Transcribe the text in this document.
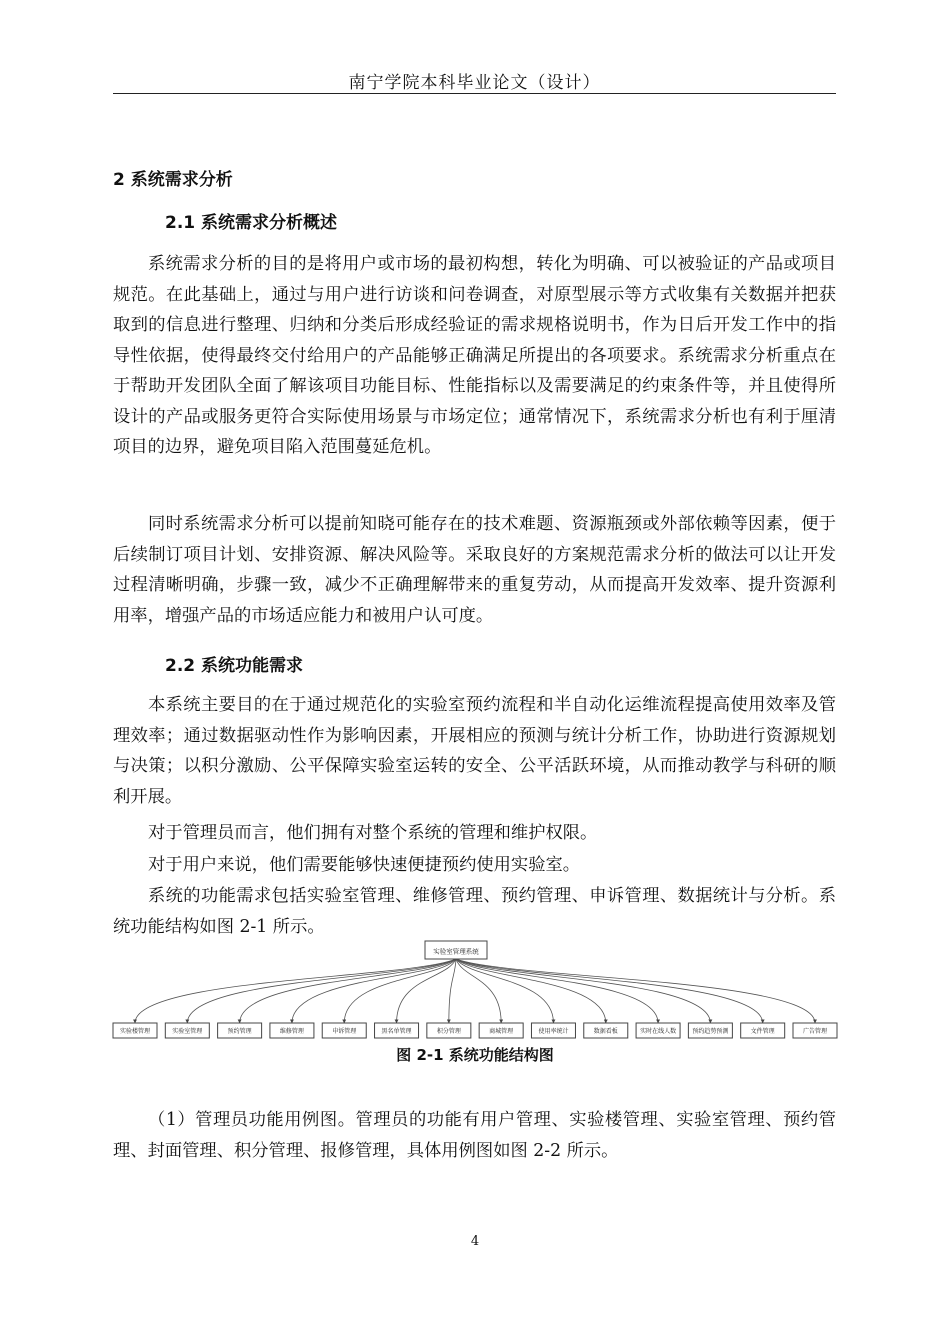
南宁学院本科毕业论文（设计）
2 系统需求分析
2.1 系统需求分析概述

系统需求分析的目的是将用户或市场的最初构想，转化为明确、可以被验证的产品或项目规范。在此基础上，通过与用户进行访谈和问卷调查，对原型展示等方式收集有关数据并把获取到的信息进行整理、归纳和分类后形成经验证的需求规格说明书，作为日后开发工作中的指导性依据，使得最终交付给用户的产品能够正确满足所提出的各项要求。系统需求分析重点在于帮助开发团队全面了解该项目功能目标、性能指标以及需要满足的约束条件等，并且使得所设计的产品或服务更符合实际使用场景与市场定位；通常情况下，系统需求分析也有利于厘清项目的边界，避免项目陷入范围蔓延危机。

同时系统需求分析可以提前知晓可能存在的技术难题、资源瓶颈或外部依赖等因素，便于后续制订项目计划、安排资源、解决风险等。采取良好的方案规范需求分析的做法可以让开发过程清晰明确，步骤一致，减少不正确理解带来的重复劳动，从而提高开发效率、提升资源利用率，增强产品的市场适应能力和被用户认可度。

2.2 系统功能需求

本系统主要目的在于通过规范化的实验室预约流程和半自动化运维流程提高使用效率及管理效率；通过数据驱动性作为影响因素，开展相应的预测与统计分析工作，协助进行资源规划与决策；以积分激励、公平保障实验室运转的安全、公平活跃环境，从而推动教学与科研的顺利开展。

对于管理员而言，他们拥有对整个系统的管理和维护权限。

对于用户来说，他们需要能够快速便捷预约使用实验室。

系统的功能需求包括实验室管理、维修管理、预约管理、申诉管理、数据统计与分析。系统功能结构如图 2-1 所示。

实验室管理系统
实验楼管理	实验室管理	预约管理	维修管理	申诉管理	黑名单管理	积分管理	商城管理	使用率统计	数据看板	实时在线人数	预约趋势预测	文件管理	广告管理
图 2-1 系统功能结构图

（1）管理员功能用例图。管理员的功能有用户管理、实验楼管理、实验室管理、预约管理、封面管理、积分管理、报修管理，具体用例图如图 2-2 所示。

4
